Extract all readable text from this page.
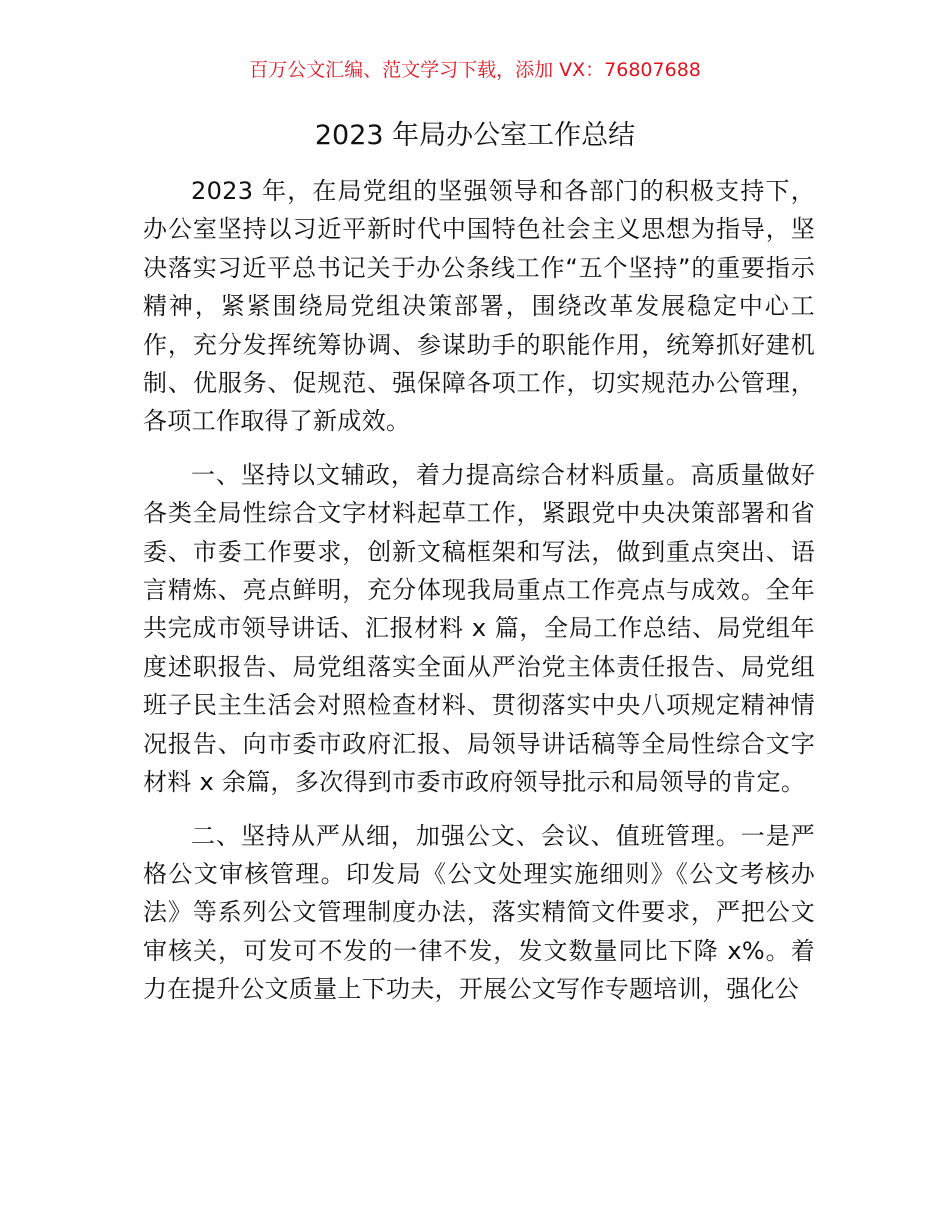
百万公文汇编、范文学习下载，添加 VX：76807688
2023 年局办公室工作总结

2023 年，在局党组的坚强领导和各部门的积极支持下，办公室坚持以习近平新时代中国特色社会主义思想为指导，坚决落实习近平总书记关于办公条线工作“五个坚持”的重要指示精神，紧紧围绕局党组决策部署，围绕改革发展稳定中心工作，充分发挥统筹协调、参谋助手的职能作用，统筹抓好建机制、优服务、促规范、强保障各项工作，切实规范办公管理，各项工作取得了新成效。

一、坚持以文辅政，着力提高综合材料质量。高质量做好各类全局性综合文字材料起草工作，紧跟党中央决策部署和省委、市委工作要求，创新文稿框架和写法，做到重点突出、语言精炼、亮点鲜明，充分体现我局重点工作亮点与成效。全年共完成市领导讲话、汇报材料 x 篇，全局工作总结、局党组年度述职报告、局党组落实全面从严治党主体责任报告、局党组班子民主生活会对照检查材料、贯彻落实中央八项规定精神情况报告、向市委市政府汇报、局领导讲话稿等全局性综合文字材料 x 余篇，多次得到市委市政府领导批示和局领导的肯定。

二、坚持从严从细，加强公文、会议、值班管理。一是严格公文审核管理。印发局《公文处理实施细则》《公文考核办法》等系列公文管理制度办法，落实精简文件要求，严把公文审核关，可发可不发的一律不发，发文数量同比下降 x%。着力在提升公文质量上下功夫，开展公文写作专题培训，强化公
